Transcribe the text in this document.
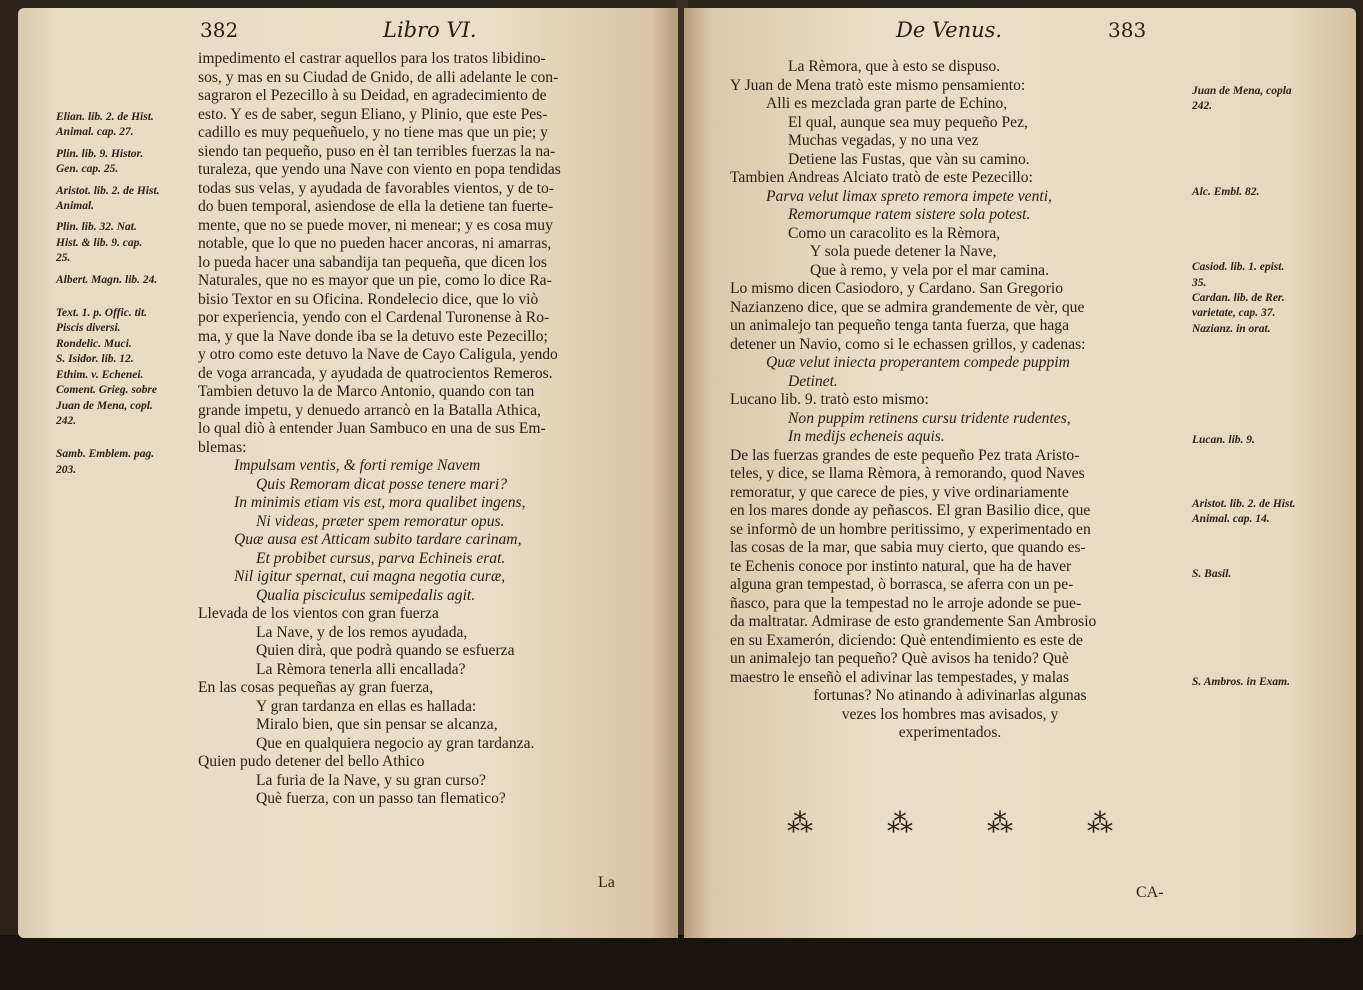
382	Libro VI.
Elian. lib. 2. de Hist.
Animal. cap. 27.
Plin. lib. 9. Histor.
Gen. cap. 25.
Aristot. lib. 2. de Hist.
Animal.
Plin. lib. 32. Nat.
Hist. & lib. 9. cap.
25.
Albert. Magn. lib. 24.
Text. 1. p. Offic. tit.
Piscis diversi.
Rondelic. Muci.
S. Isidor. lib. 12.
Ethim. v. Echenei.
Coment. Grieg. sobre
Juan de Mena, copl.
242.
Samb. Emblem. pag.
203.
impedimento el castrar aquellos para los tratos libidino-
sos, y mas en su Ciudad de Gnido, de alli adelante le con-
sagraron el Pezecillo à su Deidad, en agradecimiento de
esto. Y es de saber, segun Eliano, y Plinio, que este Pes-
cadillo es muy pequeñuelo, y no tiene mas que un pie; y
siendo tan pequeño, puso en èl tan terribles fuerzas la na-
turaleza, que yendo una Nave con viento en popa tendidas
todas sus velas, y ayudada de favorables vientos, y de to-
do buen temporal, asiendose de ella la detiene tan fuerte-
mente, que no se puede mover, ni menear; y es cosa muy
notable, que lo que no pueden hacer ancoras, ni amarras,
lo pueda hacer una sabandija tan pequeña, que dicen los
Naturales, que no es mayor que un pie, como lo dice Ra-
bisio Textor en su Oficina. Rondelecio dice, que lo viò
por experiencia, yendo con el Cardenal Turonense à Ro-
ma, y que la Nave donde iba se la detuvo este Pezecillo;
y otro como este detuvo la Nave de Cayo Caligula, yendo
de voga arrancada, y ayudada de quatrocientos Remeros.
Tambien detuvo la de Marco Antonio, quando con tan
grande impetu, y denuedo arrancò en la Batalla Athica,
lo qual diò à entender Juan Sambuco en una de sus Em-
blemas:
Impulsam ventis, & forti remige Navem
Quis Remoram dicat posse tenere mari?
In minimis etiam vis est, mora qualibet ingens,
Ni videas, præter spem remoratur opus.
Quæ ausa est Atticam subito tardare carinam,
Et probibet cursus, parva Echineis erat.
Nil igitur spernat, cui magna negotia curæ,
Qualia pisciculus semipedalis agit.
Llevada de los vientos con gran fuerza
La Nave, y de los remos ayudada,
Quien dirà, que podrà quando se esfuerza
La Rèmora tenerla alli encallada?
En las cosas pequeñas ay gran fuerza,
Y gran tardanza en ellas es hallada:
Miralo bien, que sin pensar se alcanza,
Que en qualquiera negocio ay gran tardanza.
Quien pudo detener del bello Athico
La furia de la Nave, y su gran curso?
Què fuerza, con un passo tan flematico?
La
De Venus.	383
La Rèmora, que à esto se dispuso.
Y Juan de Mena tratò este mismo pensamiento:
Alli es mezclada gran parte de Echino,
El qual, aunque sea muy pequeño Pez,
Muchas vegadas, y no una vez
Detiene las Fustas, que vàn su camino.
Tambien Andreas Alciato tratò de este Pezecillo:
Parva velut limax spreto remora impete venti,
Remorumque ratem sistere sola potest.
Como un caracolito es la Rèmora,
Y sola puede detener la Nave,
Que à remo, y vela por el mar camina.
Lo mismo dicen Casiodoro, y Cardano. San Gregorio
Nazianzeno dice, que se admira grandemente de vèr, que
un animalejo tan pequeño tenga tanta fuerza, que haga
detener un Navio, como si le echassen grillos, y cadenas:
Quæ velut iniecta properantem compede puppim
Detinet.
Lucano lib. 9. tratò esto mismo:
Non puppim retinens cursu tridente rudentes,
In medijs echeneis aquis.
De las fuerzas grandes de este pequeño Pez trata Aristo-
teles, y dice, se llama Rèmora, à remorando, quod Naves
remoratur, y que carece de pies, y vive ordinariamente
en los mares donde ay peñascos. El gran Basilio dice, que
se informò de un hombre peritissimo, y experimentado en
las cosas de la mar, que sabia muy cierto, que quando es-
te Echenis conoce por instinto natural, que ha de haver
alguna gran tempestad, ò borrasca, se aferra con un pe-
ñasco, para que la tempestad no le arroje adonde se pue-
da maltratar. Admirase de esto grandemente San Ambrosio
en su Examerón, diciendo: Què entendimiento es este de
un animalejo tan pequeño? Què avisos ha tenido? Què
maestro le enseñò el adivinar las tempestades, y malas
fortunas? No atinando à adivinarlas algunas
vezes los hombres mas avisados, y
experimentados.
Juan de Mena, copla
242.
Alc. Embl. 82.
Casiod. lib. 1. epist.
35.
Cardan. lib. de Rer.
varietate, cap. 37.
Nazianz. in orat.
Lucan. lib. 9.
Aristot. lib. 2. de Hist.
Animal. cap. 14.
S. Basil.
S. Ambros. in Exam.
⁂	⁂	⁂	⁂
CA-
